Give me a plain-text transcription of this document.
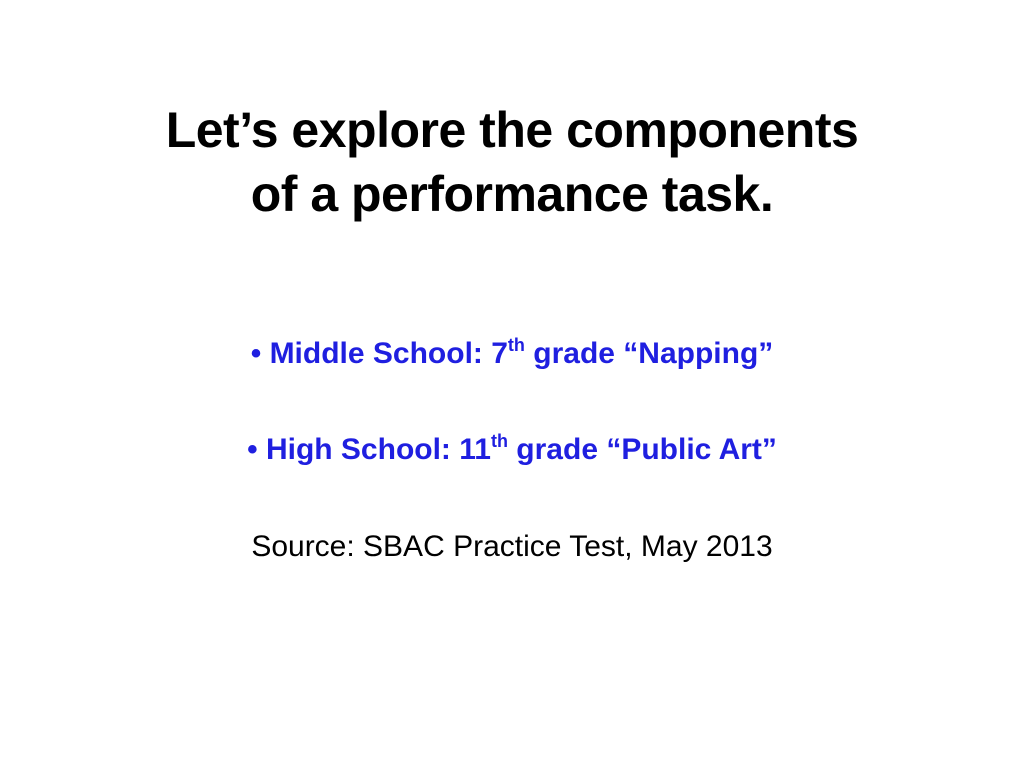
Let’s explore the components
of a performance task.
• Middle School: 7th grade “Napping”
• High School: 11th grade “Public Art”
Source: SBAC Practice Test, May 2013
